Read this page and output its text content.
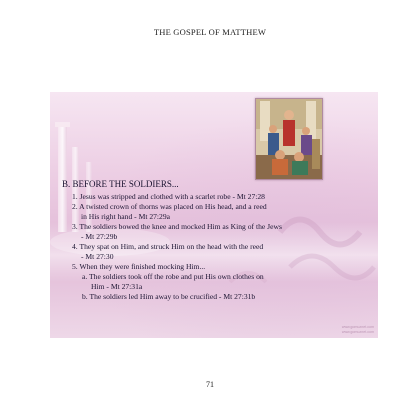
THE GOSPEL OF MATTHEW
B. BEFORE THE SOLDIERS...
1. Jesus was stripped and clothed with a scarlet robe - Mt 27:28
2. A twisted crown of thorns was placed on His head, and a reed
in His right hand - Mt 27:29a
3. The soldiers bowed the knee and mocked Him as King of the Jews
- Mt 27:29b
4. They spat on Him, and struck Him on the head with the reed
- Mt 27:30
5. When they were finished mocking Him...
a. The soldiers took off the robe and put His own clothes on
Him - Mt 27:31a
b. The soldiers led Him away to be crucified - Mt 27:31b
www.gomuznet.com
www.gomuznet.com
71
